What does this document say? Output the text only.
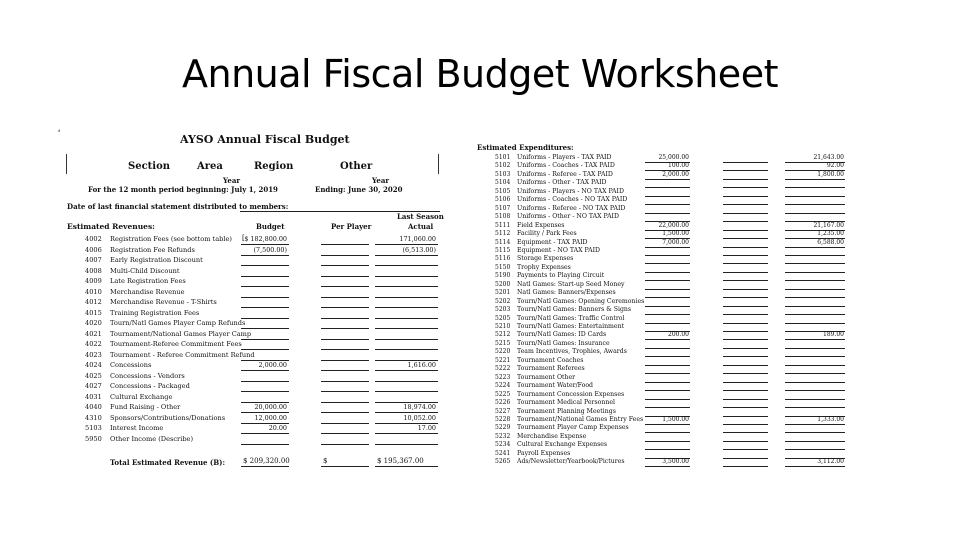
Annual Fiscal Budget Worksheet
ᵈ
AYSO Annual Fiscal Budget
Section	Area	Region	Other
Year	Year
For the 12 month period beginning: July 1, 2019	Ending: June 30, 2020
Date of last financial statement distributed to members:
Last Season
Estimated Revenues:	Budget	Per Player	Actual
4002 Registration Fees (see bottom table)	$ 182,800.00	171,060.00
4006 Registration Fee Refunds	(7,500.00)	(6,513.00)
4007 Early Registration Discount
4008 Multi-Child Discount
4009 Late Registration Fees
4010 Merchandise Revenue
4012 Merchandise Revenue - T-Shirts
4015 Training Registration Fees
4020 Tourn/Natl Games Player Camp Refunds
4021 Tournament/National Games Player Camp
4022 Tournament-Referee Commitment Fees
4023 Tournament - Referee Commitment Refund
4024 Concessions	2,000.00	1,616.00
4025 Concessions - Vendors
4027 Concessions - Packaged
4031 Cultural Exchange
4040 Fund Raising - Other	20,000.00	18,974.00
4310 Sponsors/Contributions/Donations	12,000.00	10,052.00
5103 Interest Income	20.00	17.00
5950 Other Income (Describe)
[
Total Estimated Revenue (B):	$ 209,320.00	$	$ 195,367.00
Estimated Expenditures:
5101 Uniforms - Players - TAX PAID	25,000.00	21,643.00
5102 Uniforms - Coaches - TAX PAID	100.00	92.00
5103 Uniforms - Referee - TAX PAID	2,000.00	1,800.00
5104 Uniforms - Other - TAX PAID
5105 Uniforms - Players - NO TAX PAID
5106 Uniforms - Coaches - NO TAX PAID
5107 Uniforms - Referee - NO TAX PAID
5108 Uniforms - Other - NO TAX PAID
5111 Field Expenses	22,000.00	21,167.00
5112 Facility / Park Fees	1,500.00	1,235.00
5114 Equipment - TAX PAID	7,000.00	6,588.00
5115 Equipment - NO TAX PAID
5116 Storage Expenses
5150 Trophy Expenses
5190 Payments to Playing Circuit
5200 Natl Games: Start-up Seed Money
5201 Natl Games: Banners/Expenses
5202 Tourn/Natl Games: Opening Ceremonies
5203 Tourn/Natl Games: Banners & Signs
5205 Tourn/Natl Games: Traffic Control
5210 Tourn/Natl Games: Entertainment
5212 Tourn/Natl Games: ID Cards	200.00	189.00
5215 Tourn/Natl Games: Insurance
5220 Team Incentives, Trophies, Awards
5221 Tournament Coaches
5222 Tournament Referees
5223 Tournament Other
5224 Tournament Water/Food
5225 Tournament Concession Expenses
5226 Tournament Medical Personnel
5227 Tournament Planning Meetings
5228 Tournament/National Games Entry Fees	1,500.00	1,333.00
5229 Tournament Player Camp Expenses
5232 Merchandise Expense
5234 Cultural Exchange Expenses
5241 Payroll Expenses
5265 Ads/Newsletter/Yearbook/Pictures	3,500.00	3,112.00
